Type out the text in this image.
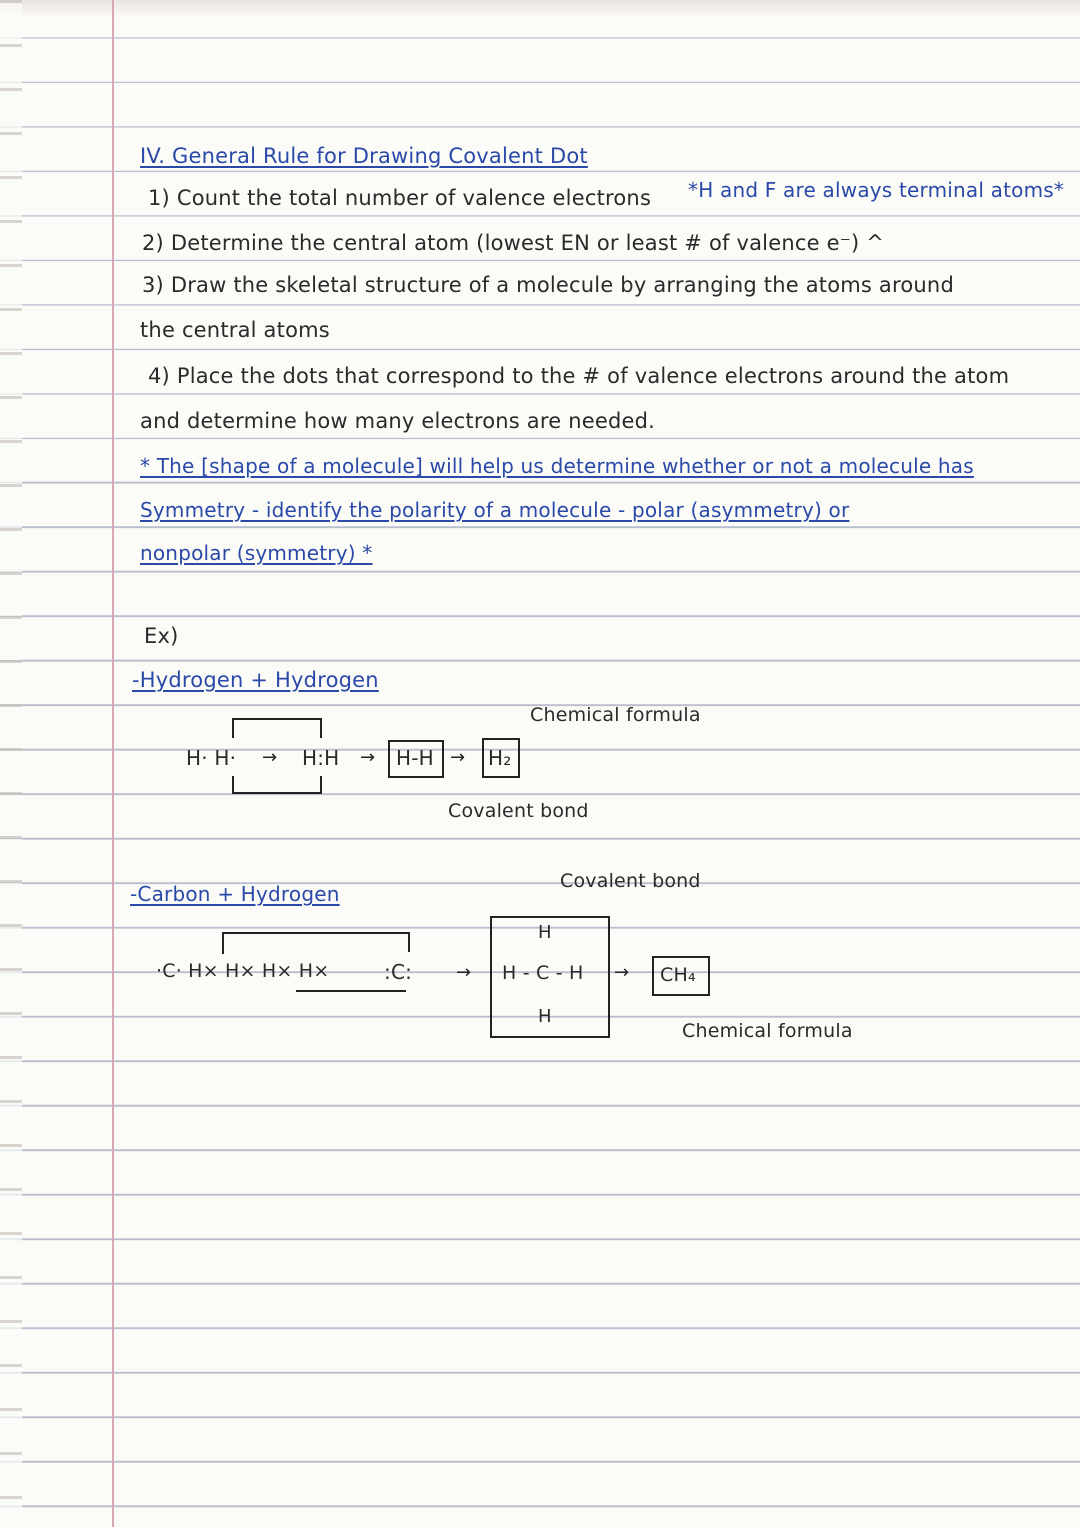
IV. General Rule for Drawing Covalent Dot
1) Count the total number of valence electrons *H and F are always terminal atoms*
2) Determine the central atom (lowest EN or least # of valence e⁻) ^
3) Draw the skeletal structure of a molecule by arranging the atoms around
the central atoms
4) Place the dots that correspond to the # of valence electrons around the atom
and determine how many electrons are needed.
* The [shape of a molecule] will help us determine whether or not a molecule has
Symmetry - identify the polarity of a molecule - polar (asymmetry) or
nonpolar (symmetry) *
Ex)
-Hydrogen + Hydrogen
Chemical formula
H· H· → H:H → H-H → H₂
Covalent bond
-Carbon + Hydrogen
Covalent bond
·C· H× H× H× H×	:C: →
H
H - C - H
H
→ CH₄
Chemical formula
